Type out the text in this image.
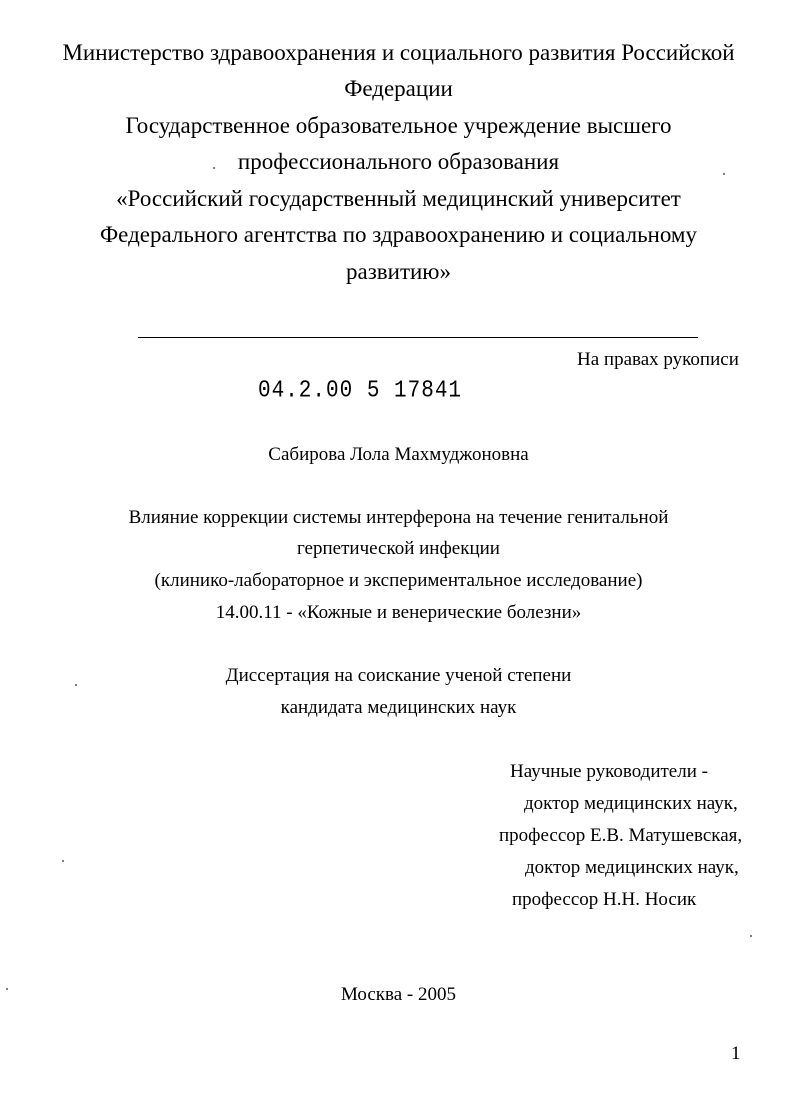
Министерство здравоохранения и социального развития Российской

Федерации

Государственное образовательное учреждение высшего

профессионального образования

«Российский государственный медицинский университет

Федерального агентства по здравоохранению и социальному

развитию»

На правах рукописи

04.2.00 5 17841

Сабирова Лола Махмуджоновна

Влияние коррекции системы интерферона на течение генитальной

герпетической инфекции

(клинико-лабораторное и экспериментальное исследование)

14.00.11 - «Кожные и венерические болезни»

Диссертация на соискание ученой степени

кандидата медицинских наук

Научные руководители -

доктор медицинских наук,

профессор Е.В. Матушевская,

доктор медицинских наук,

профессор Н.Н. Носик

Москва - 2005

1
